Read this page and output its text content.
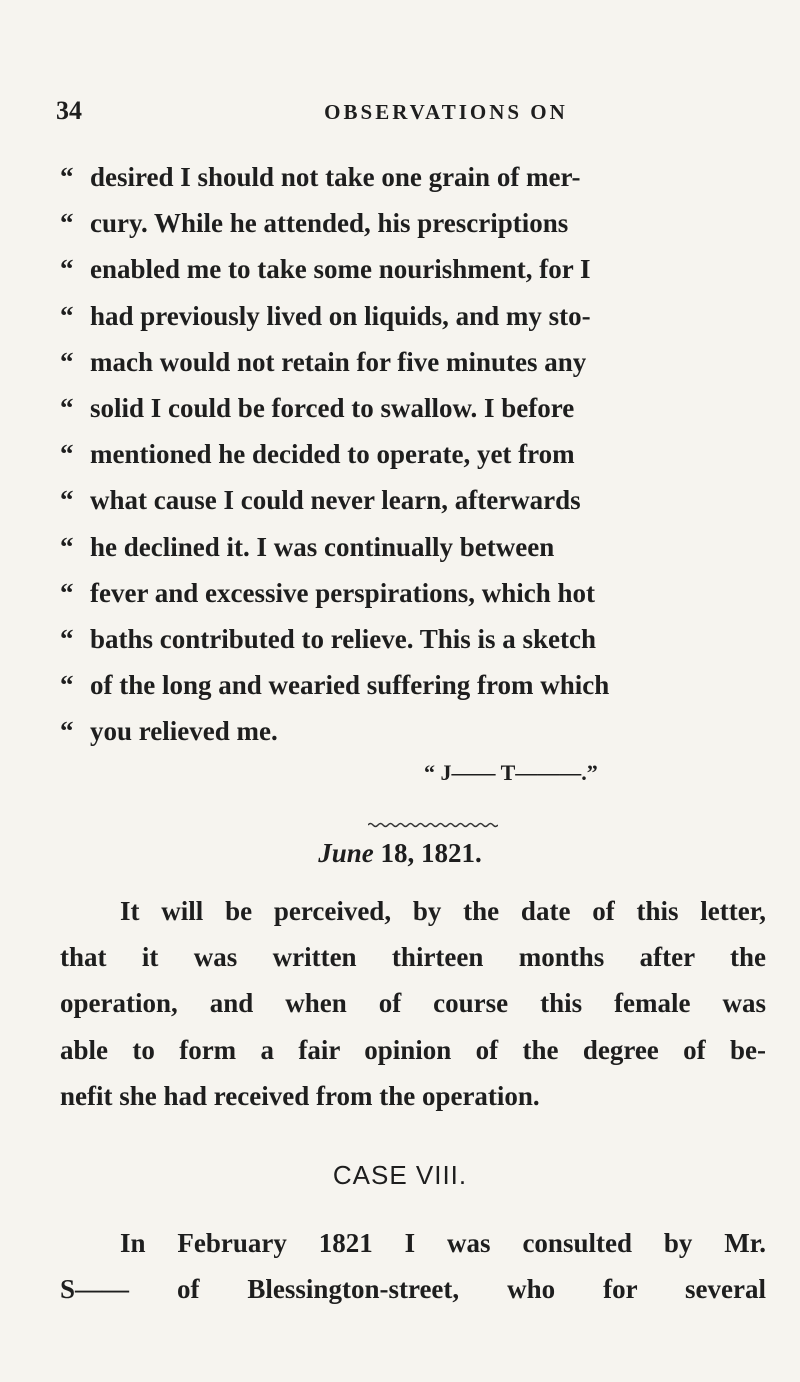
34	OBSERVATIONS ON
“ desired I should not take one grain of mer-
“ cury. While he attended, his prescriptions
“ enabled me to take some nourishment, for I
“ had previously lived on liquids, and my sto-
“ mach would not retain for five minutes any
“ solid I could be forced to swallow. I before
“ mentioned he decided to operate, yet from
“ what cause I could never learn, afterwards
“ he declined it. I was continually between
“ fever and excessive perspirations, which hot
“ baths contributed to relieve. This is a sketch
“ of the long and wearied suffering from which
“ you relieved me.
“ J—— T———.”
June 18, 1821.
It will be perceived, by the date of this letter,
that it was written thirteen months after the
operation, and when of course this female was
able to form a fair opinion of the degree of be-
nefit she had received from the operation.
CASE VIII.
In February 1821 I was consulted by Mr.
S—— of Blessington-street, who for several
